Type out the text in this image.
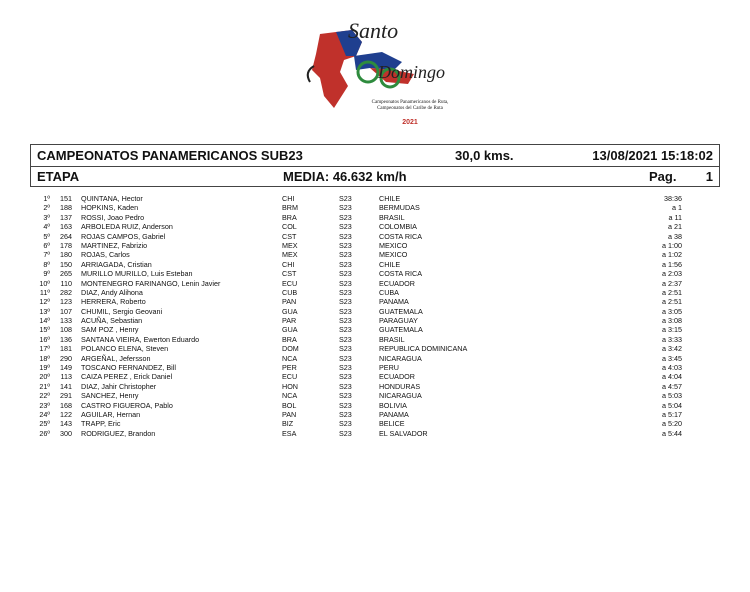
Santo
Domingo
Campeonatos Panamericanos de Ruta,
Campeonatos del Caribe de Ruta
2021
CAMPEONATOS PANAMERICANOS SUB23	30,0 kms.	13/08/2021 15:18:02
ETAPA	MEDIA: 46.632 km/h	Pag. 1
1º	151 QUINTANA, Hector	CHI	S23	CHILE	38:36
2º	188 HOPKINS, Kaden	BRM	S23	BERMUDAS	a 1
3º	137 ROSSI, Joao Pedro	BRA	S23	BRASIL	a 11
4º	163 ARBOLEDA RUIZ, Anderson	COL	S23	COLOMBIA	a 21
5º	264 ROJAS CAMPOS, Gabriel	CST	S23	COSTA RICA	a 38
6º	178 MARTINEZ, Fabrizio	MEX	S23	MEXICO	a 1:00
7º	180 ROJAS, Carlos	MEX	S23	MEXICO	a 1:02
8º	150 ARRIAGADA, Cristian	CHI	S23	CHILE	a 1:56
9º	265 MURILLO MURILLO, Luis Esteban	CST	S23	COSTA RICA	a 2:03
10º	110 MONTENEGRO FARINANGO, Lenin Javier	ECU	S23	ECUADOR	a 2:37
11º	282 DIAZ, Andy Alihona	CUB	S23	CUBA	a 2:51
12º	123 HERRERA, Roberto	PAN	S23	PANAMA	a 2:51
13º	107 CHUMIL, Sergio Geovani	GUA	S23	GUATEMALA	a 3:05
14º	133 ACUÑA, Sebastian	PAR	S23	PARAGUAY	a 3:08
15º	108 SAM POZ , Henry	GUA	S23	GUATEMALA	a 3:15
16º	136 SANTANA VIEIRA, Ewerton Eduardo	BRA	S23	BRASIL	a 3:33
17º	181 POLANCO ELENA, Steven	DOM	S23	REPUBLICA DOMINICANA	a 3:42
18º	290 ARGEÑAL, Jefersson	NCA	S23	NICARAGUA	a 3:45
19º	149 TOSCANO FERNANDEZ, Bill	PER	S23	PERU	a 4:03
20º	113 CAIZA PEREZ , Erick Daniel	ECU	S23	ECUADOR	a 4:04
21º	141 DIAZ, Jahir Christopher	HON	S23	HONDURAS	a 4:57
22º	291 SANCHEZ, Henry	NCA	S23	NICARAGUA	a 5:03
23º	168 CASTRO FIGUEROA, Pablo	BOL	S23	BOLIVIA	a 5:04
24º	122 AGUILAR, Hernan	PAN	S23	PANAMA	a 5:17
25º	143 TRAPP, Eric	BIZ	S23	BELICE	a 5:20
26º	300 RODRIGUEZ, Brandon	ESA	S23	EL SALVADOR	a 5:44
